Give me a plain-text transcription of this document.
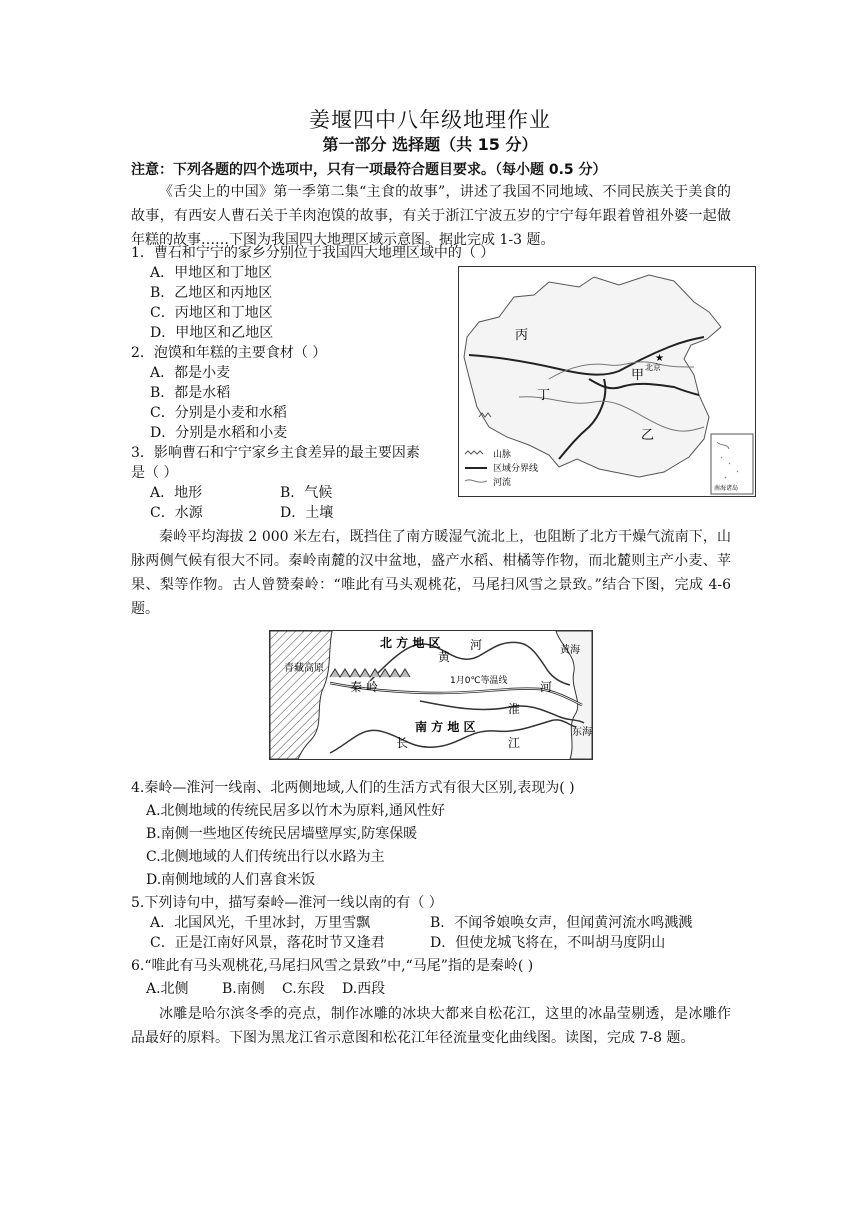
姜堰四中八年级地理作业
第一部分 选择题（共 15 分）
注意：下列各题的四个选项中，只有一项最符合题目要求。（每小题 0.5 分）
《舌尖上的中国》第一季第二集“主食的故事”，讲述了我国不同地域、不同民族关于美食的故事，有西安人曹石关于羊肉泡馍的故事，有关于浙江宁波五岁的宁宁每年跟着曾祖外婆一起做年糕的故事……下图为我国四大地理区域示意图。据此完成 1-3 题。
1．曹石和宁宁的家乡分别位于我国四大地理区域中的（ ）
A．甲地区和丁地区
B．乙地区和丙地区
C．丙地区和丁地区
D．甲地区和乙地区
2．泡馍和年糕的主要食材（ ）
A．都是小麦
B．都是水稻
C．分别是小麦和水稻
D．分别是水稻和小麦
3．影响曹石和宁宁家乡主食差异的最主要因素
是（ ）
A．地形	B．气候
C．水源	D．土壤
★
北京
丙
丁
甲
乙
山脉
区域分界线
河流
南海诸岛
秦岭平均海拔 2 000 米左右，既挡住了南方暖湿气流北上，也阻断了北方干燥气流南下，山脉两侧气候有很大不同。秦岭南麓的汉中盆地，盛产水稻、柑橘等作物，而北麓则主产小麦、苹果、梨等作物。古人曾赞秦岭：“唯此有马头观桃花，马尾扫风雪之景致。”结合下图，完成 4-6 题。
北 方 地 区
南 方 地 区
秦 岭	1月0℃等温线
黄
河
淮
河
长	江
黄海
东海
青藏高原
4.秦岭—淮河一线南、北两侧地域,人们的生活方式有很大区别,表现为( )
A.北侧地域的传统民居多以竹木为原料,通风性好
B.南侧一些地区传统民居墙壁厚实,防寒保暖
C.北侧地域的人们传统出行以水路为主
D.南侧地域的人们喜食米饭
5.下列诗句中，描写秦岭—淮河一线以南的有（ ）
A．北国风光，千里冰封，万里雪飘	B．不闻爷娘唤女声，但闻黄河流水鸣溅溅
C．正是江南好风景，落花时节又逢君	D．但使龙城飞将在，不叫胡马度阴山
6.“唯此有马头观桃花,马尾扫风雪之景致”中,“马尾”指的是秦岭( )
A.北侧 B.南侧 C.东段 D.西段
冰雕是哈尔滨冬季的亮点，制作冰雕的冰块大都来自松花江，这里的冰晶莹剔透，是冰雕作品最好的原料。下图为黑龙江省示意图和松花江年径流量变化曲线图。读图，完成 7-8 题。
